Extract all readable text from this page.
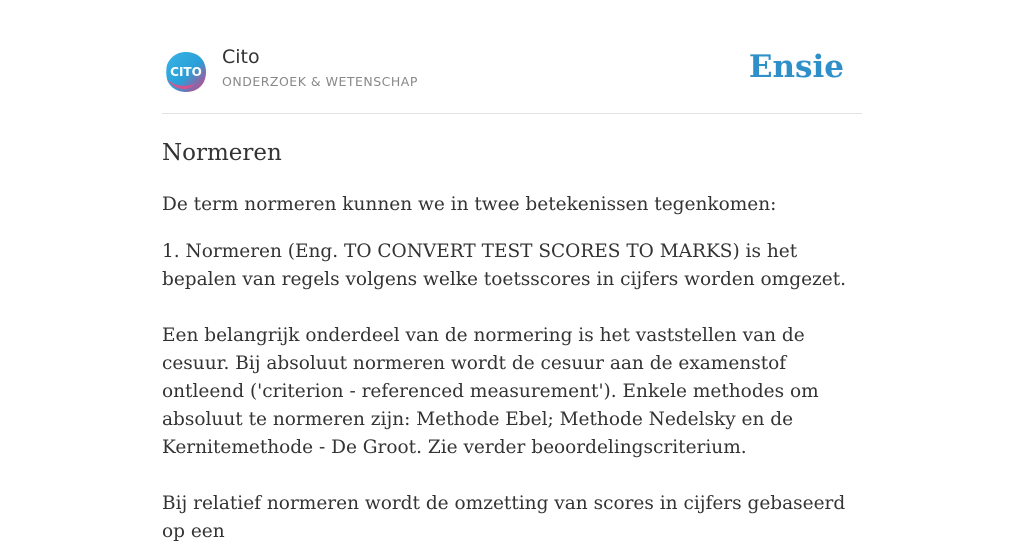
CITO
Cito
ONDERZOEK & WETENSCHAP	Ensie
Normeren

De term normeren kunnen we in twee betekenissen tegenkomen:

1. Normeren (Eng. TO CONVERT TEST SCORES TO MARKS) is het bepalen van regels volgens welke toetsscores in cijfers worden omgezet.

Een belangrijk onderdeel van de normering is het vaststellen van de cesuur. Bij absoluut normeren wordt de cesuur aan de examenstof ontleend ('criterion - referenced measurement'). Enkele methodes om absoluut te normeren zijn: Methode Ebel; Methode Nedelsky en de Kernitemethode - De Groot. Zie verder beoordelingscriterium.

Bij relatief normeren wordt de omzetting van scores in cijfers gebaseerd op een
